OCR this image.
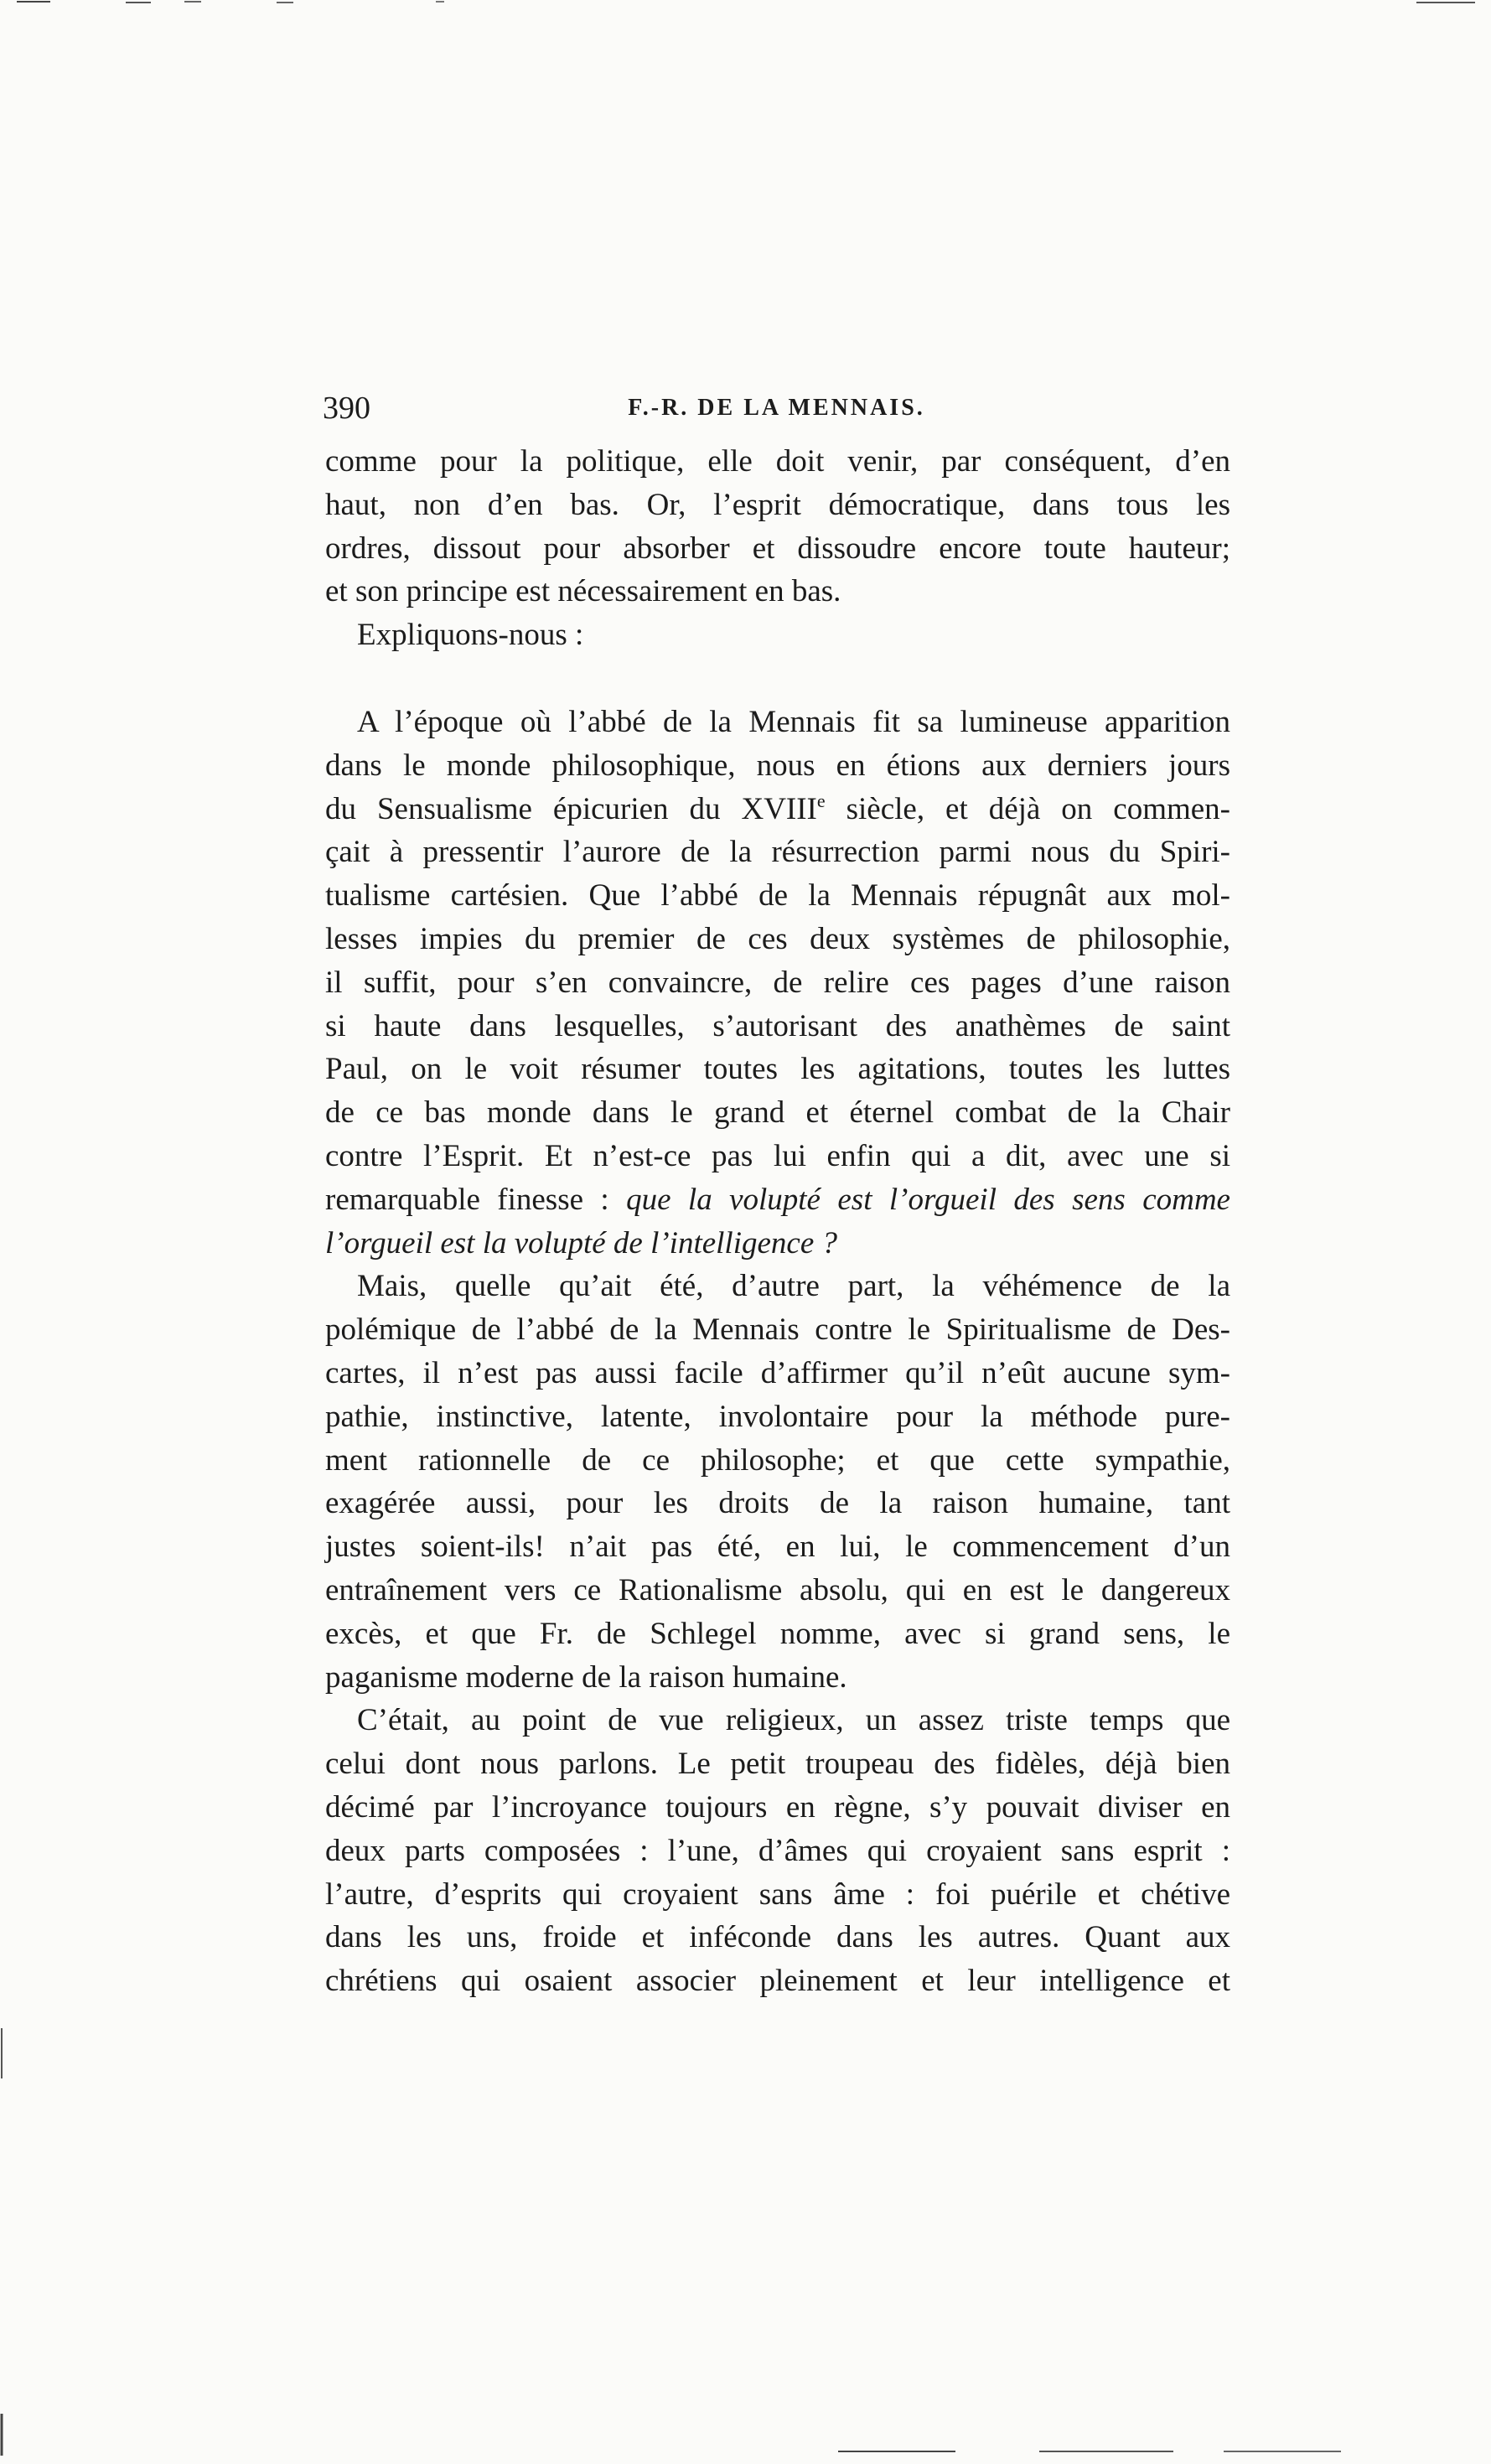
390	F.-R. DE LA MENNAIS.
comme pour la politique, elle doit venir, par conséquent, d’en
haut, non d’en bas. Or, l’esprit démocratique, dans tous les
ordres, dissout pour absorber et dissoudre encore toute hauteur;
et son principe est nécessairement en bas.
Expliquons-nous :
A l’époque où l’abbé de la Mennais fit sa lumineuse apparition
dans le monde philosophique, nous en étions aux derniers jours
du Sensualisme épicurien du XVIIIe siècle, et déjà on commen-
çait à pressentir l’aurore de la résurrection parmi nous du Spiri-
tualisme cartésien. Que l’abbé de la Mennais répugnât aux mol-
lesses impies du premier de ces deux systèmes de philosophie,
il suffit, pour s’en convaincre, de relire ces pages d’une raison
si haute dans lesquelles, s’autorisant des anathèmes de saint
Paul, on le voit résumer toutes les agitations, toutes les luttes
de ce bas monde dans le grand et éternel combat de la Chair
contre l’Esprit. Et n’est-ce pas lui enfin qui a dit, avec une si
remarquable finesse : que la volupté est l’orgueil des sens comme
l’orgueil est la volupté de l’intelligence ?
Mais, quelle qu’ait été, d’autre part, la véhémence de la
polémique de l’abbé de la Mennais contre le Spiritualisme de Des-
cartes, il n’est pas aussi facile d’affirmer qu’il n’eût aucune sym-
pathie, instinctive, latente, involontaire pour la méthode pure-
ment rationnelle de ce philosophe; et que cette sympathie,
exagérée aussi, pour les droits de la raison humaine, tant
justes soient-ils! n’ait pas été, en lui, le commencement d’un
entraînement vers ce Rationalisme absolu, qui en est le dangereux
excès, et que Fr. de Schlegel nomme, avec si grand sens, le
paganisme moderne de la raison humaine.
C’était, au point de vue religieux, un assez triste temps que
celui dont nous parlons. Le petit troupeau des fidèles, déjà bien
décimé par l’incroyance toujours en règne, s’y pouvait diviser en
deux parts composées : l’une, d’âmes qui croyaient sans esprit :
l’autre, d’esprits qui croyaient sans âme : foi puérile et chétive
dans les uns, froide et inféconde dans les autres. Quant aux
chrétiens qui osaient associer pleinement et leur intelligence et
